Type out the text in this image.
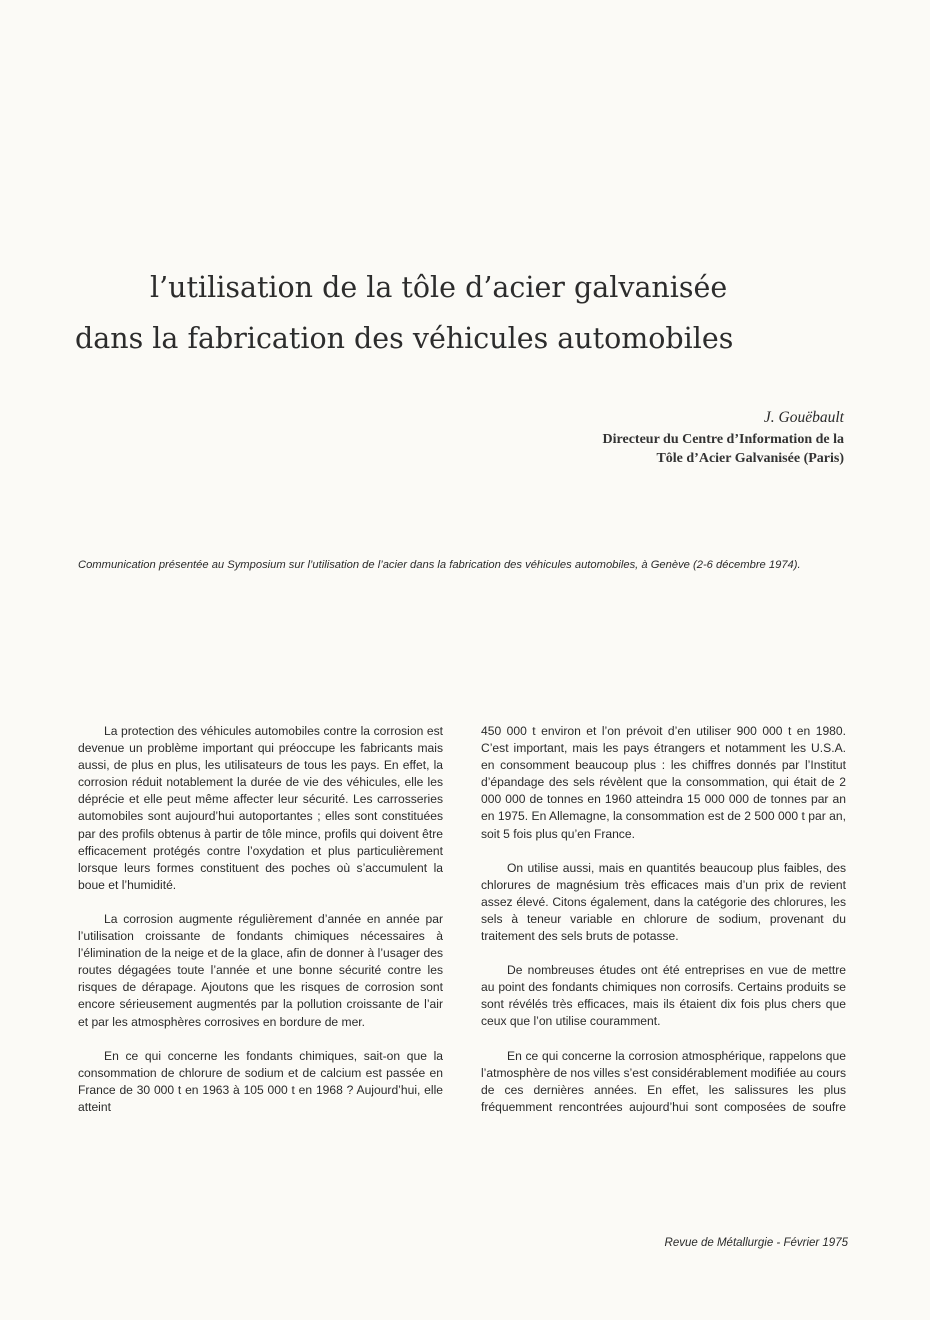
l’utilisation de la tôle d’acier galvanisée
dans la fabrication des véhicules automobiles
J. Gouëbault
Directeur du Centre d’Information de la
Tôle d’Acier Galvanisée (Paris)

Communication présentée au Symposium sur l’utilisation de l’acier dans la fabrication des véhicules automobiles, à Genève (2-6 décembre 1974).

La protection des véhicules automobiles contre la corrosion est devenue un problème important qui préoccupe les fabricants mais aussi, de plus en plus, les utilisateurs de tous les pays. En effet, la corrosion réduit notablement la durée de vie des véhicules, elle les déprécie et elle peut même affecter leur sécurité. Les carrosseries automobiles sont aujourd’hui autoportantes ; elles sont constituées par des profils obtenus à partir de tôle mince, profils qui doivent être efficacement protégés contre l’oxydation et plus particulièrement lorsque leurs formes constituent des poches où s’accumulent la boue et l’humidité.

La corrosion augmente régulièrement d’année en année par l’utilisation croissante de fondants chimiques nécessaires à l’élimination de la neige et de la glace, afin de donner à l’usager des routes dégagées toute l’année et une bonne sécurité contre les risques de dérapage. Ajoutons que les risques de corrosion sont encore sérieusement augmentés par la pollution croissante de l’air et par les atmosphères corrosives en bordure de mer.

En ce qui concerne les fondants chimiques, sait-on que la consommation de chlorure de sodium et de calcium est passée en France de 30 000 t en 1963 à 105 000 t en 1968 ? Aujourd’hui, elle atteint

450 000 t environ et l’on prévoit d’en utiliser 900 000 t en 1980. C’est important, mais les pays étrangers et notamment les U.S.A. en consomment beaucoup plus : les chiffres donnés par l’Institut d’épandage des sels révèlent que la consommation, qui était de 2 000 000 de tonnes en 1960 atteindra 15 000 000 de tonnes par an en 1975. En Allemagne, la consommation est de 2 500 000 t par an, soit 5 fois plus qu’en France.

On utilise aussi, mais en quantités beaucoup plus faibles, des chlorures de magnésium très efficaces mais d’un prix de revient assez élevé. Citons également, dans la catégorie des chlorures, les sels à teneur variable en chlorure de sodium, provenant du traitement des sels bruts de potasse.

De nombreuses études ont été entreprises en vue de mettre au point des fondants chimiques non corrosifs. Certains produits se sont révélés très efficaces, mais ils étaient dix fois plus chers que ceux que l’on utilise couramment.

En ce qui concerne la corrosion atmosphérique, rappelons que l’atmosphère de nos villes s’est considérablement modifiée au cours de ces dernières années. En effet, les salissures les plus fréquemment rencontrées aujourd’hui sont composées de soufre

Revue de Métallurgie - Février 1975
